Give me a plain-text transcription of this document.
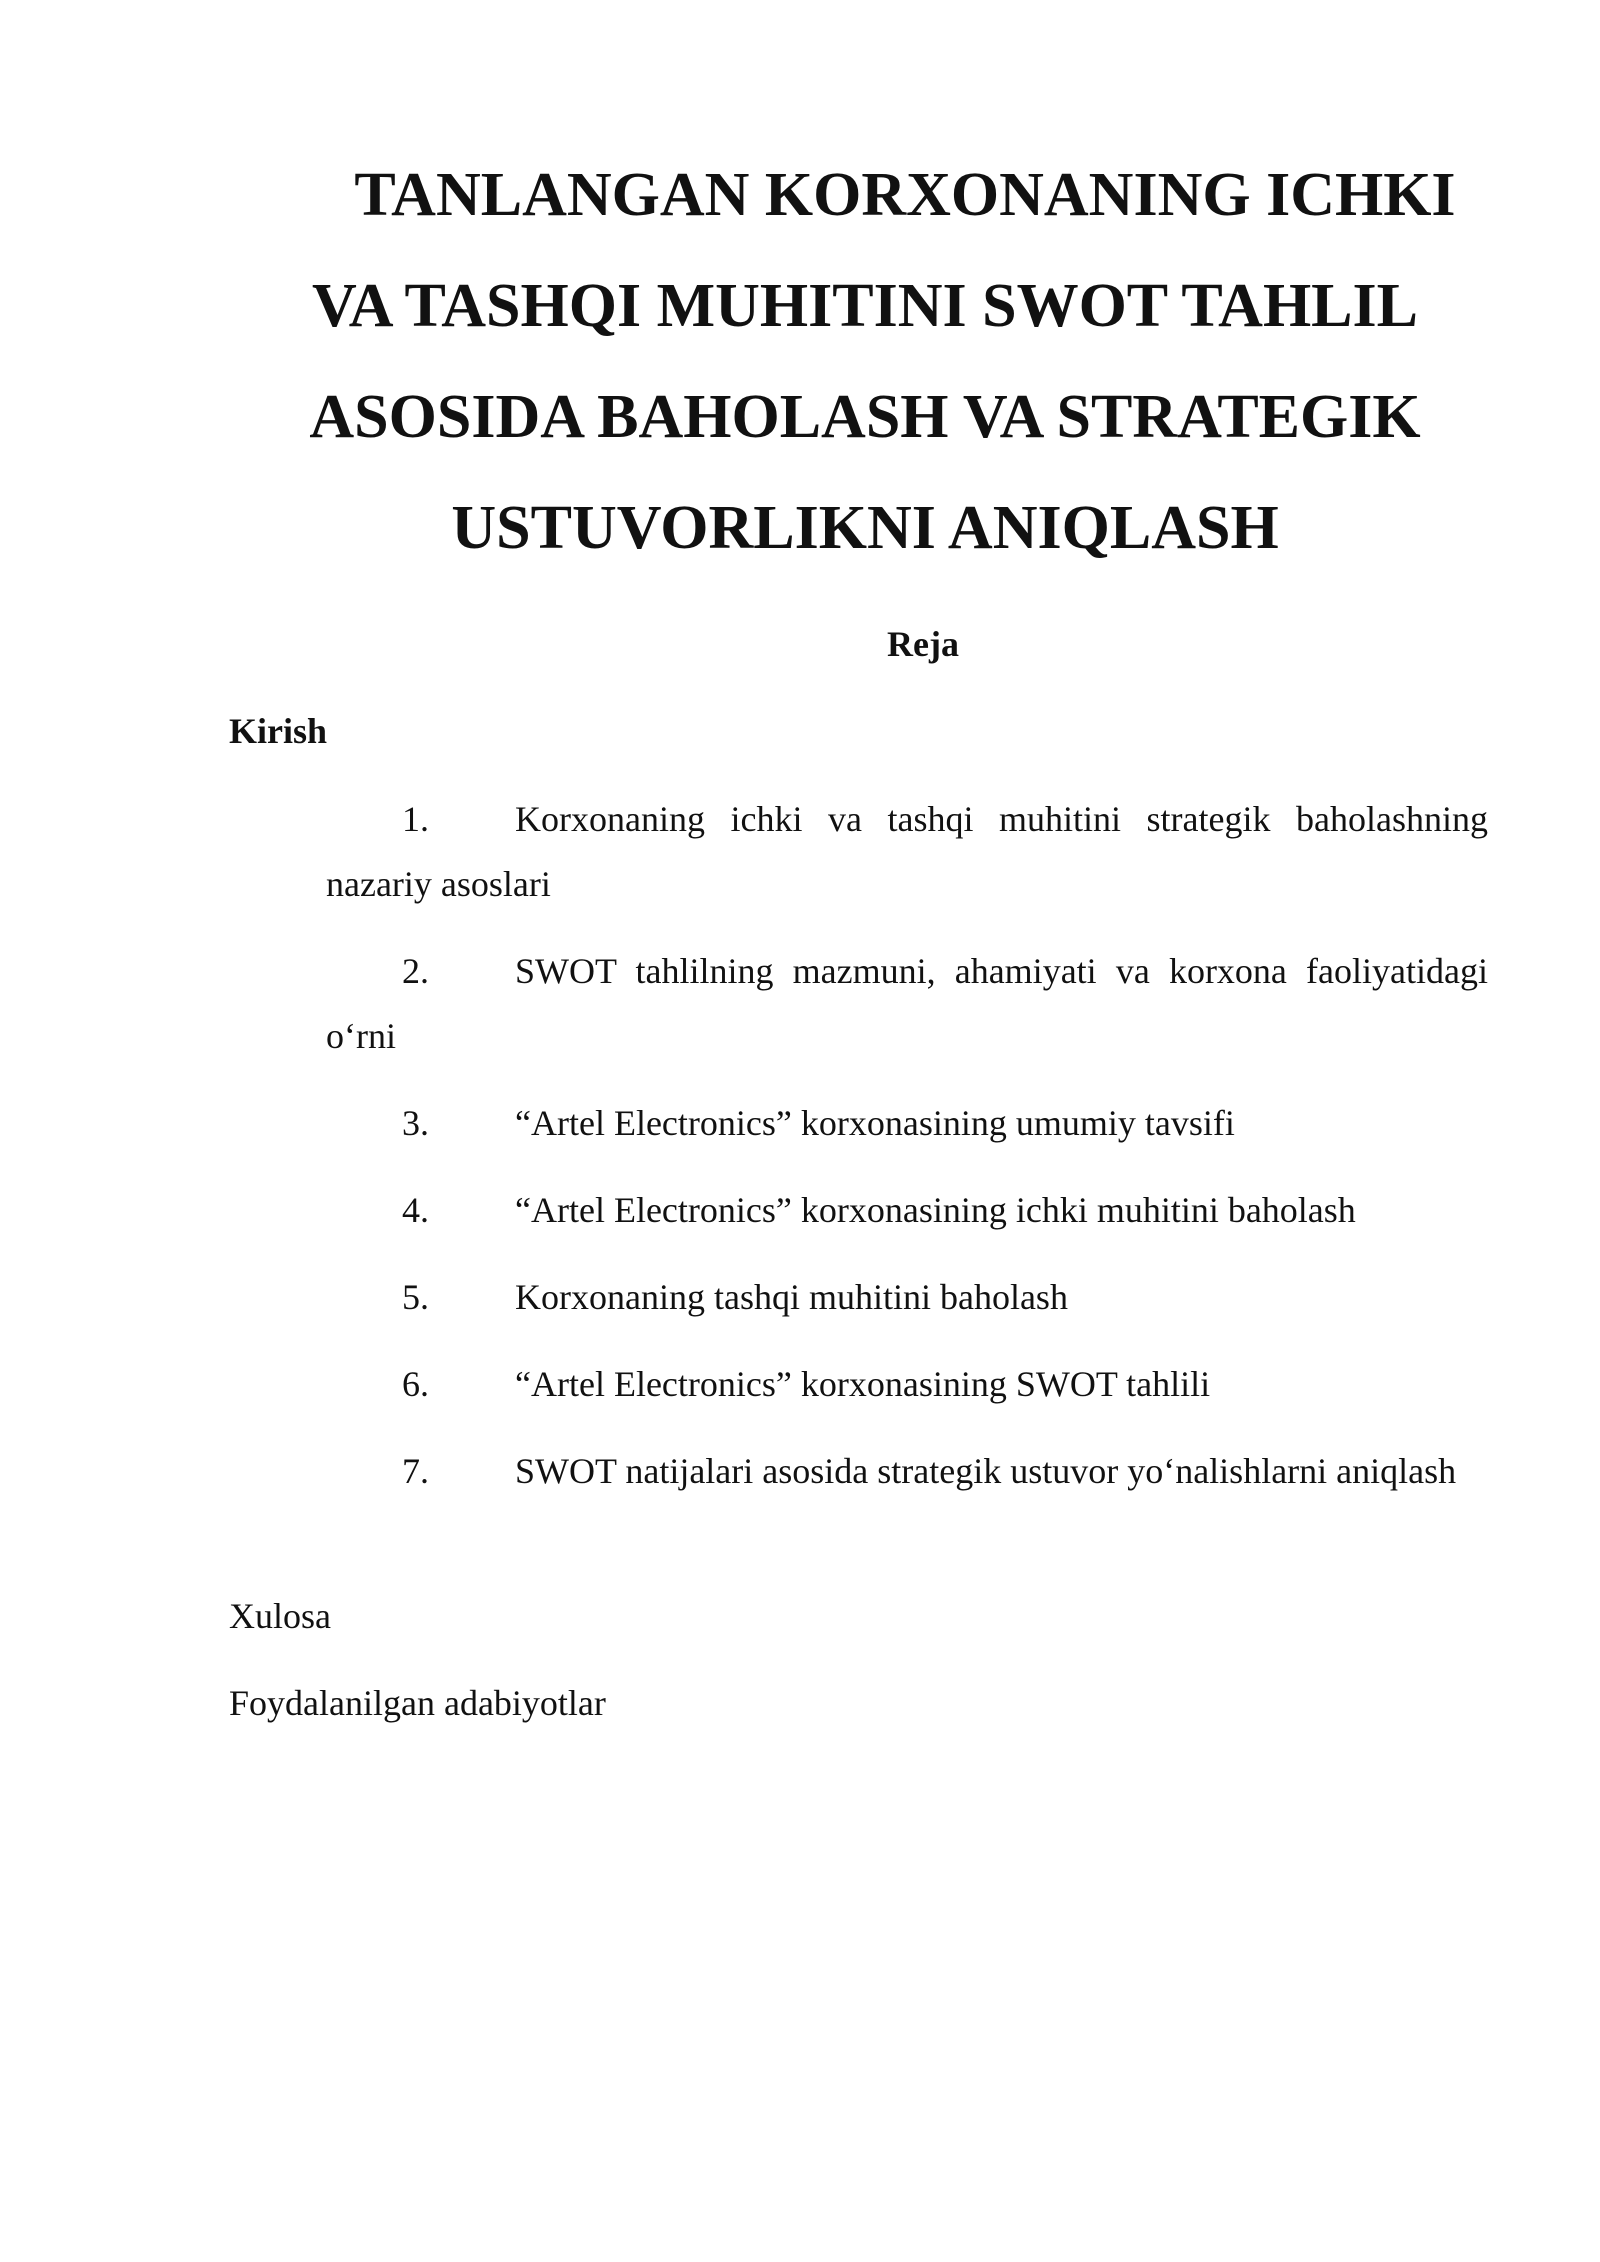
TANLANGAN KORXONANING ICHKI VA TASHQI MUHITINI SWOT TAHLIL ASOSIDA BAHOLASH VA STRATEGIK USTUVORLIKNI ANIQLASH
Reja
Kirish
1. Korxonaning ichki va tashqi muhitini strategik baholashning nazariy asoslari
2. SWOT tahlilning mazmuni, ahamiyati va korxona faoliyatidagi o‘rni
3. “Artel Electronics” korxonasining umumiy tavsifi
4. “Artel Electronics” korxonasining ichki muhitini baholash
5. Korxonaning tashqi muhitini baholash
6. “Artel Electronics” korxonasining SWOT tahlili
7. SWOT natijalari asosida strategik ustuvor yo‘nalishlarni aniqlash
Xulosa
Foydalanilgan adabiyotlar
